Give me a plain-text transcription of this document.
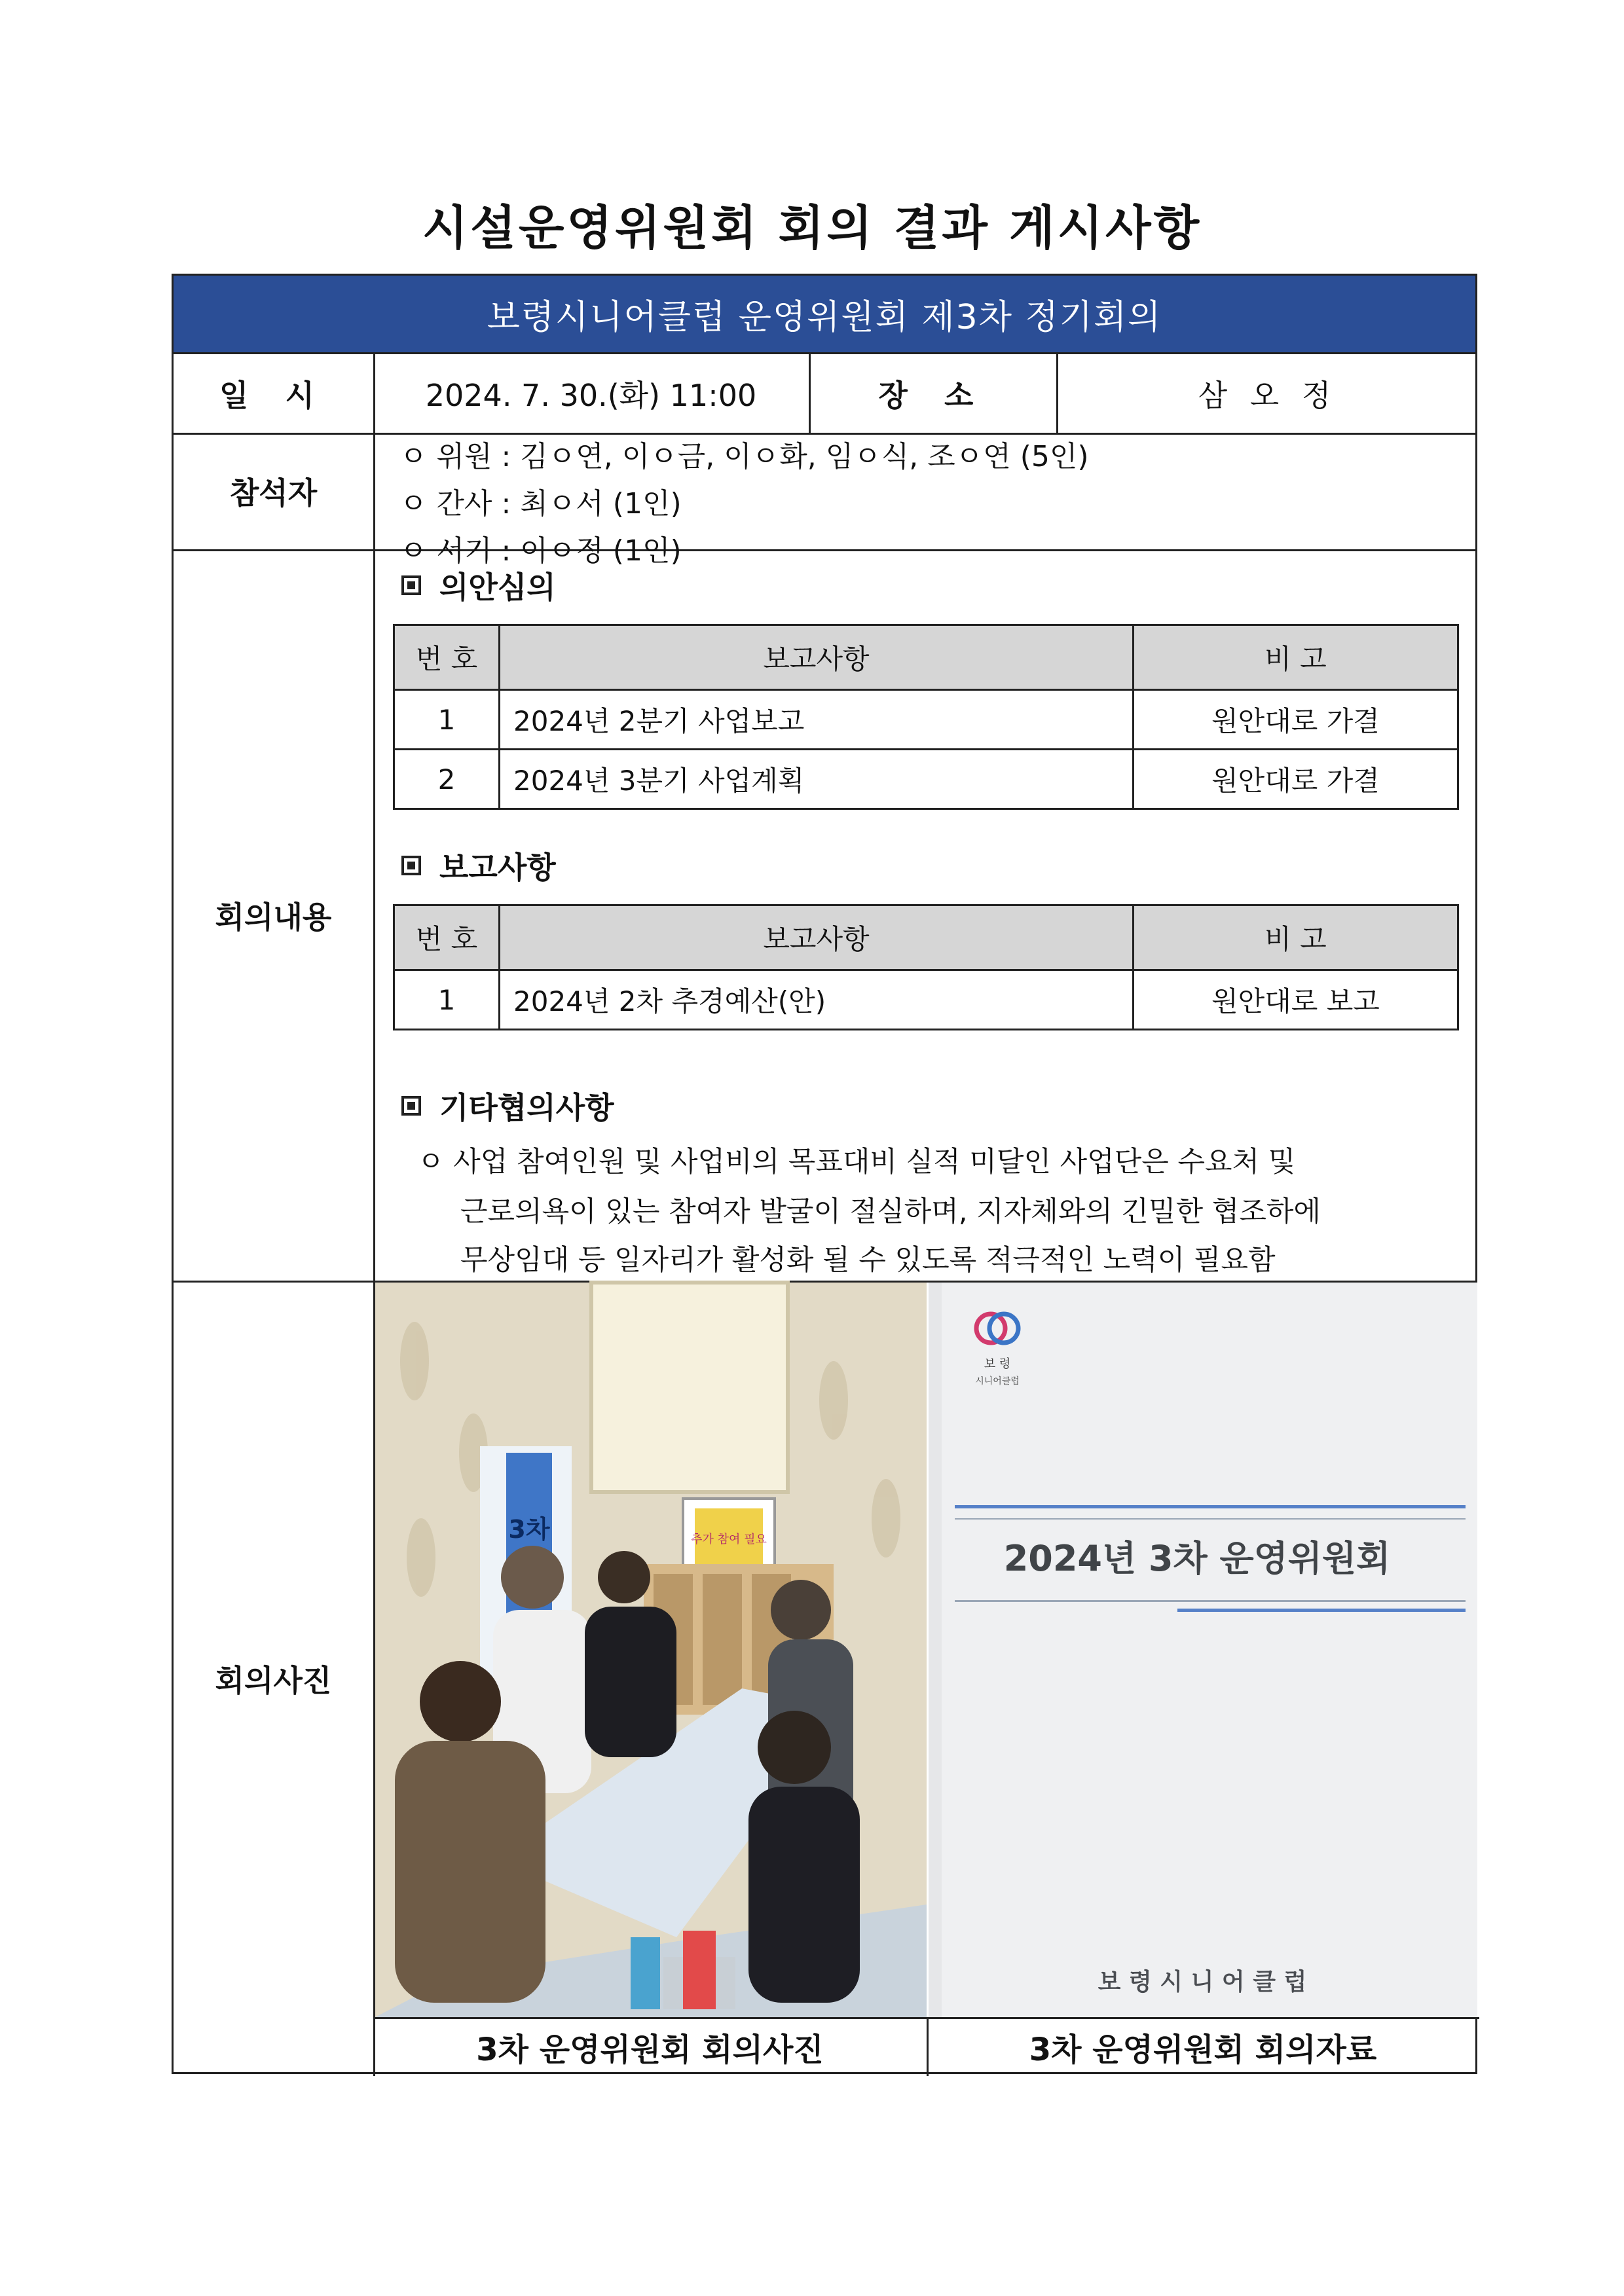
시설운영위원회 회의 결과 게시사항
보령시니어클럽 운영위원회 제3차 정기회의
일 시	2024. 7. 30.(화) 11:00	장 소	삼 오 정
참석자
ㅇ 위원 : 김ㅇ연, 이ㅇ금, 이ㅇ화, 임ㅇ식, 조ㅇ연 (5인)
ㅇ 간사 : 최ㅇ서 (1인)
ㅇ 서기 : 이ㅇ정 (1인)
회의내용
의안심의
번 호	보고사항	비 고
1	2024년 2분기 사업보고	원안대로 가결
2	2024년 3분기 사업계획	원안대로 가결
보고사항
번 호	보고사항	비 고
1	2024년 2차 추경예산(안)	원안대로 보고
기타협의사항
ㅇ 사업 참여인원 및 사업비의 목표대비 실적 미달인 사업단은 수요처 및
근로의욕이 있는 참여자 발굴이 절실하며, 지자체와의 긴밀한 협조하에
무상임대 등 일자리가 활성화 될 수 있도록 적극적인 노력이 필요함
회의사진
3차	추가 참여 필요
보 령
시니어클럽
2024년 3차 운영위원회
보 령 시 니 어 클 럽
3차 운영위원회 회의사진	3차 운영위원회 회의자료
